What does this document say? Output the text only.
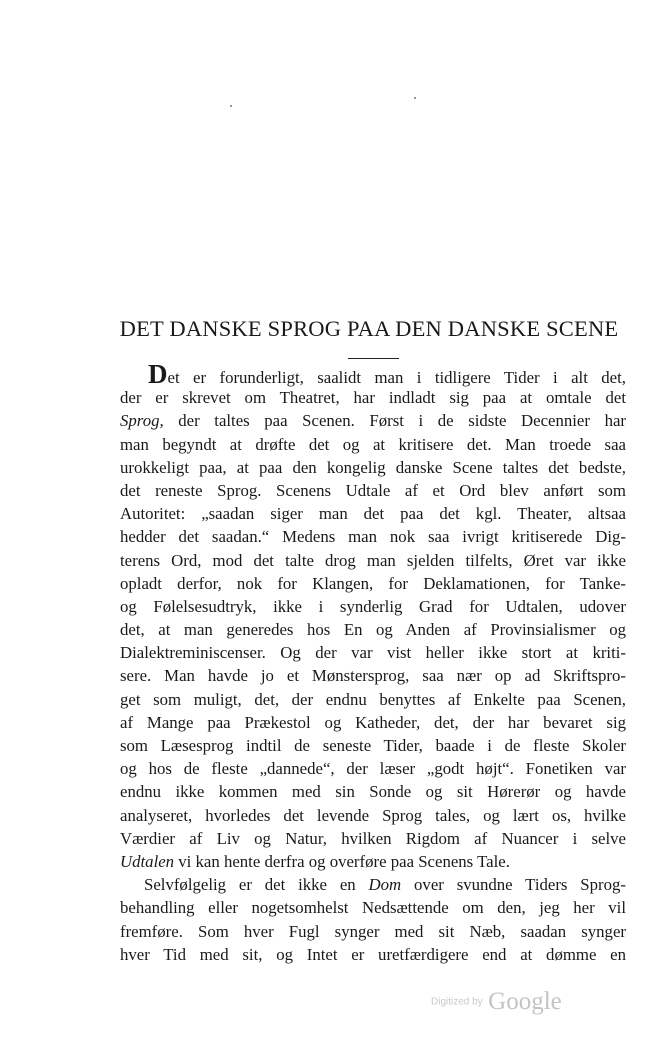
DET DANSKE SPROG PAA DEN DANSKE SCENE
Det er forunderligt, saalidt man i tidligere Tider i alt det,
der er skrevet om Theatret, har indladt sig paa at omtale det
Sprog, der taltes paa Scenen. Først i de sidste Decennier har
man begyndt at drøfte det og at kritisere det. Man troede saa
urokkeligt paa, at paa den kongelig danske Scene taltes det bedste,
det reneste Sprog. Scenens Udtale af et Ord blev anført som
Autoritet: „saadan siger man det paa det kgl. Theater, altsaa
hedder det saadan.“ Medens man nok saa ivrigt kritiserede Dig-
terens Ord, mod det talte drog man sjelden tilfelts, Øret var ikke
opladt derfor, nok for Klangen, for Deklamationen, for Tanke-
og Følelsesudtryk, ikke i synderlig Grad for Udtalen, udover
det, at man generedes hos En og Anden af Provinsialismer og
Dialektreminiscenser. Og der var vist heller ikke stort at kriti-
sere. Man havde jo et Mønstersprog, saa nær op ad Skriftspro-
get som muligt, det, der endnu benyttes af Enkelte paa Scenen,
af Mange paa Prækestol og Katheder, det, der har bevaret sig
som Læsesprog indtil de seneste Tider, baade i de fleste Skoler
og hos de fleste „dannede“, der læser „godt højt“. Fonetiken var
endnu ikke kommen med sin Sonde og sit Hørerør og havde
analyseret, hvorledes det levende Sprog tales, og lært os, hvilke
Værdier af Liv og Natur, hvilken Rigdom af Nuancer i selve
Udtalen vi kan hente derfra og overføre paa Scenens Tale.
Selvfølgelig er det ikke en Dom over svundne Tiders Sprog-
behandling eller nogetsomhelst Nedsættende om den, jeg her vil
fremføre. Som hver Fugl synger med sit Næb, saadan synger
hver Tid med sit, og Intet er uretfærdigere end at dømme en
Digitized by Google
